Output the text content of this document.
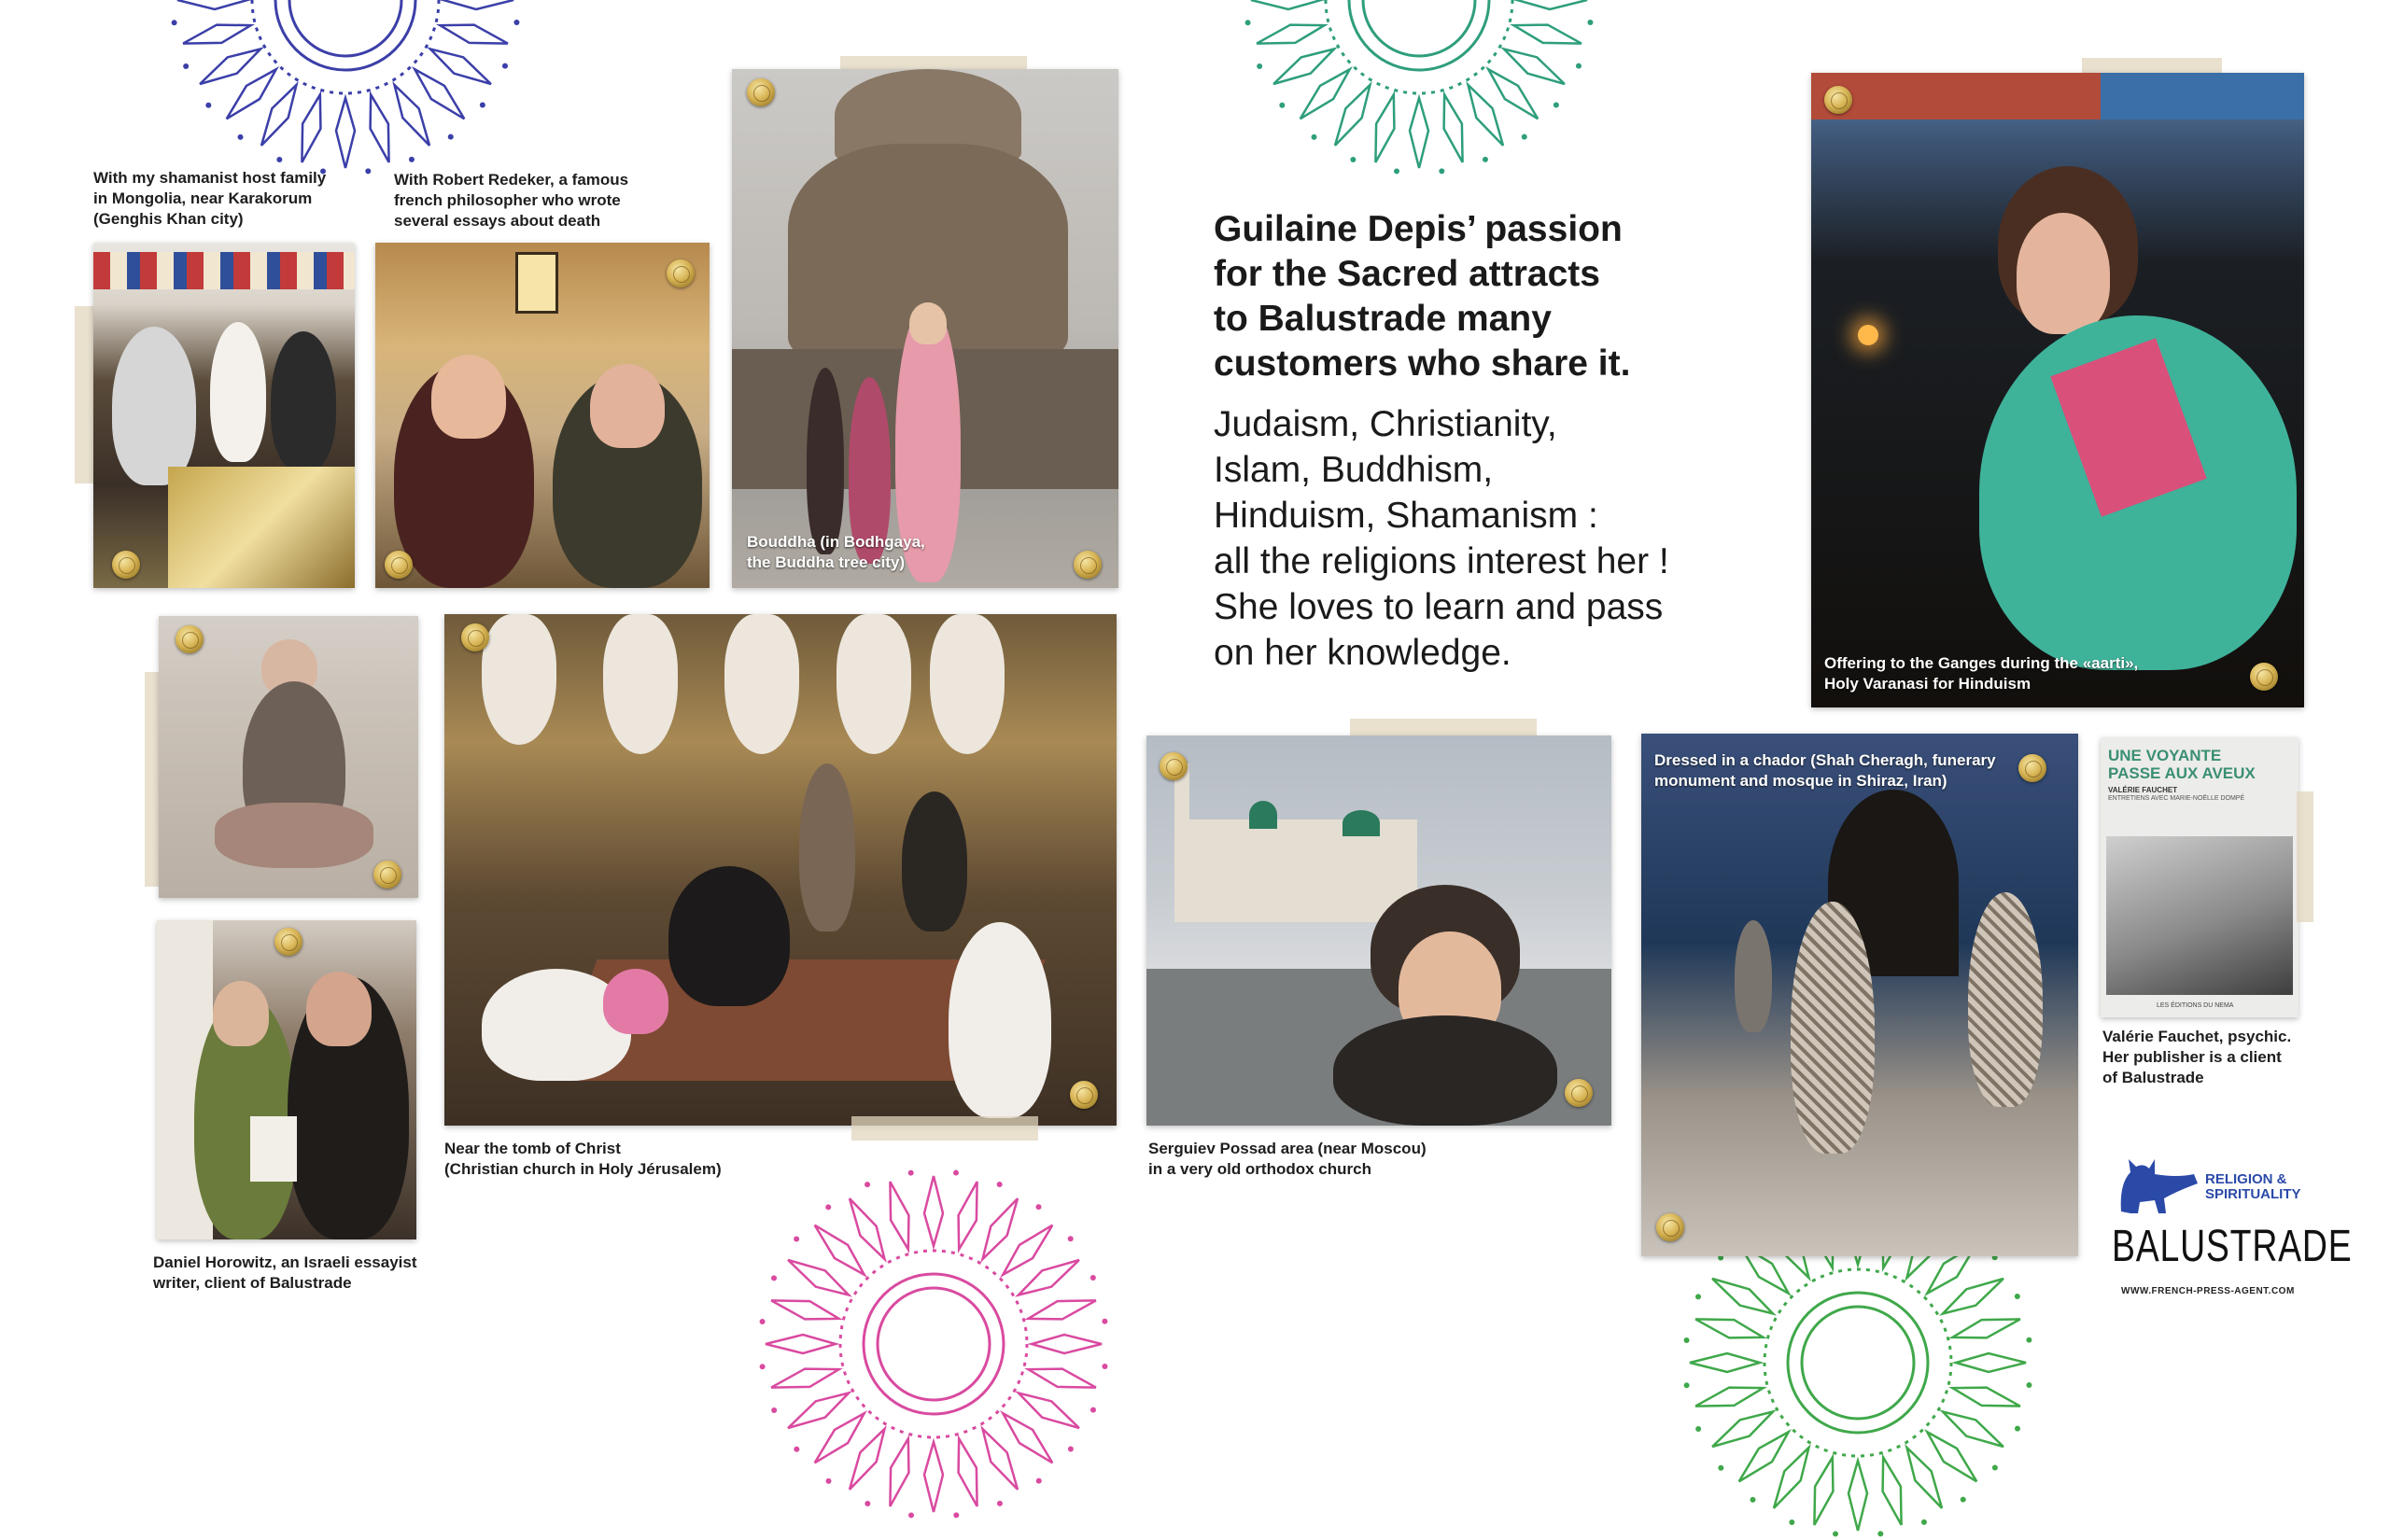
With my shamanist host family
in Mongolia, near Karakorum
(Genghis Khan city)
With Robert Redeker, a famous
french philosopher who wrote
several essays about death
Bouddha (in Bodhgaya,
the Buddha tree city)
Guilaine Depis’ passion
for the Sacred attracts
to Balustrade many
customers who share it.
Judaism, Christianity,
Islam, Buddhism,
Hinduism, Shamanism :
all the religions interest her !
She loves to learn and pass
on her knowledge.	Offering to the Ganges during the «aarti»,
Holy Varanasi for Hinduism
Daniel Horowitz, an Israeli essayist
writer, client of Balustrade
Near the tomb of Christ
(Christian church in Holy Jérusalem)
Serguiev Possad area (near Moscou)
in a very old orthodox church
Dressed in a chador (Shah Cheragh, funerary
monument and mosque in Shiraz, Iran)
UNE VOYANTE
PASSE AUX AVEUX
VALÉRIE FAUCHET
ENTRETIENS AVEC MARIE-NOËLLE DOMPÉ
LES ÉDITIONS DU NEMA
Valérie Fauchet, psychic.
Her publisher is a client
of Balustrade
RELIGION &
SPIRITUALITY
BALUSTRADE
WWW.FRENCH-PRESS-AGENT.COM
